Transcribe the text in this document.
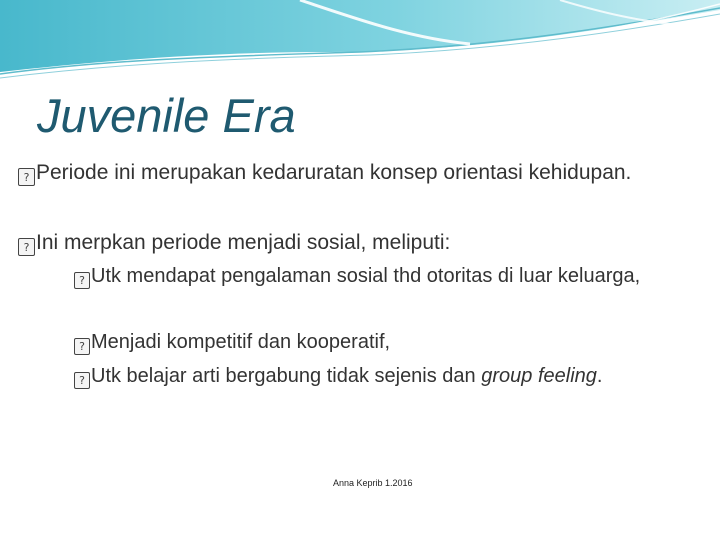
Juvenile Era
? Periode ini merupakan kedaruratan konsep orientasi kehidupan.
? Ini merpkan periode menjadi sosial, meliputi:
? Utk mendapat pengalaman sosial thd otoritas di luar keluarga,
? Menjadi kompetitif dan kooperatif,
? Utk belajar arti bergabung tidak sejenis dan group feeling.
Anna Keprib 1.2016
